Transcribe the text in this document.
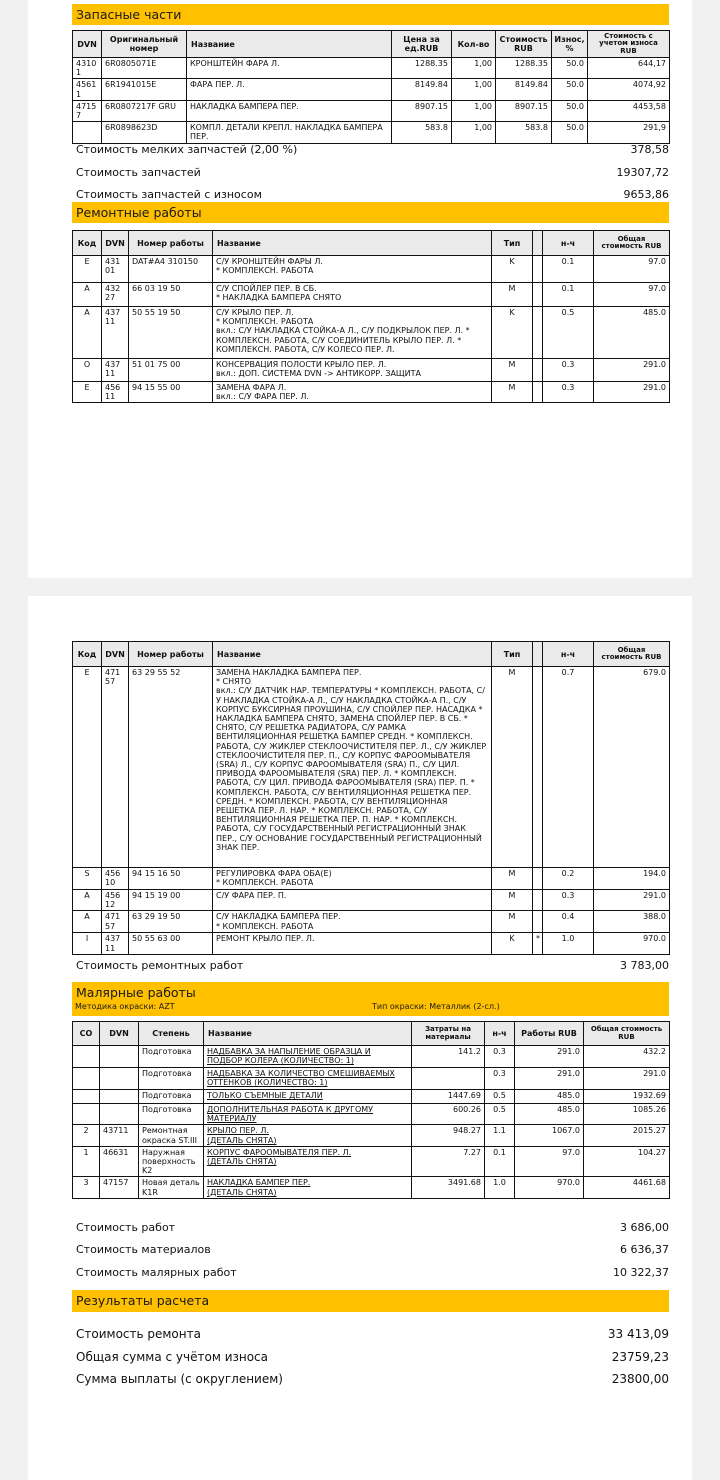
Запасные части
DVN	Оригинальный номер	Название	Цена за ед.RUB	Кол-во	Стоимость RUB	Износ, %	Стоимость с учетом износа RUB
43101	6R0805071E	КРОНШТЕЙН ФАРА Л.	1288.35	1,00	1288.35	50.0	644,17
45611	6R1941015E	ФАРА ПЕР. Л.	8149.84	1,00	8149.84	50.0	4074,92
47157	6R0807217F GRU	НАКЛАДКА БАМПЕРА ПЕР.	8907.15	1,00	8907.15	50.0	4453,58
	6R0898623D	КОМПЛ. ДЕТАЛИ КРЕПЛ. НАКЛАДКА БАМПЕРА ПЕР.	583.8	1,00	583.8	50.0	291,9
Стоимость мелких запчастей (2,00 %)	378,58
Стоимость запчастей	19307,72
Стоимость запчастей с износом	9653,86
Ремонтные работы
Код	DVN	Номер работы	Название	Тип		н-ч	Общая стоимость RUB
E	43101	DAT#A4 310150	С/У КРОНШТЕЙН ФАРЫ Л.
* КОМПЛЕКСН. РАБОТА	K		0.1	97.0
A	43227	66 03 19 50	С/У СПОЙЛЕР ПЕР. В СБ.
* НАКЛАДКА БАМПЕРА СНЯТО	M		0.1	97.0
A	43711	50 55 19 50	С/У КРЫЛО ПЕР. Л.
* КОМПЛЕКСН. РАБОТА
вкл.: С/У НАКЛАДКА СТОЙКА-А Л., С/У ПОДКРЫЛОК ПЕР. Л. * КОМПЛЕКСН. РАБОТА, С/У СОЕДИНИТЕЛЬ КРЫЛО ПЕР. Л. * КОМПЛЕКСН. РАБОТА, С/У КОЛЕСО ПЕР. Л.	K		0.5	485.0
O	43711	51 01 75 00	КОНСЕРВАЦИЯ ПОЛОСТИ КРЫЛО ПЕР. Л.
вкл.: ДОП. СИСТЕМА DVN -> АНТИКОРР. ЗАЩИТА	M		0.3	291.0
E	45611	94 15 55 00	ЗАМЕНА ФАРА Л.
вкл.: С/У ФАРА ПЕР. Л.	M		0.3	291.0
Код	DVN	Номер работы	Название	Тип		н-ч	Общая стоимость RUB
E	47157	63 29 55 52	ЗАМЕНА НАКЛАДКА БАМПЕРА ПЕР.
* СНЯТО
вкл.: С/У ДАТЧИК НАР. ТЕМПЕРАТУРЫ * КОМПЛЕКСН. РАБОТА, С/У НАКЛАДКА СТОЙКА-А Л., С/У НАКЛАДКА СТОЙКА-А П., С/У КОРПУС БУКСИРНАЯ ПРОУШИНА, С/У СПОЙЛЕР ПЕР. НАСАДКА * НАКЛАДКА БАМПЕРА СНЯТО, ЗАМЕНА СПОЙЛЕР ПЕР. В СБ. * СНЯТО, С/У РЕШЕТКА РАДИАТОРА, С/У РАМКА ВЕНТИЛЯЦИОННАЯ РЕШЕТКА БАМПЕР СРЕДН. * КОМПЛЕКСН. РАБОТА, С/У ЖИКЛЕР СТЕКЛООЧИСТИТЕЛЯ ПЕР. Л., С/У ЖИКЛЕР СТЕКЛООЧИСТИТЕЛЯ ПЕР. П., С/У КОРПУС ФАРООМЫВАТЕЛЯ (SRA) Л., С/У КОРПУС ФАРООМЫВАТЕЛЯ (SRA) П., С/У ЦИЛ. ПРИВОДА ФАРООМЫВАТЕЛЯ (SRA) ПЕР. Л. * КОМПЛЕКСН. РАБОТА, С/У ЦИЛ. ПРИВОДА ФАРООМЫВАТЕЛЯ (SRA) ПЕР. П. * КОМПЛЕКСН. РАБОТА, С/У ВЕНТИЛЯЦИОННАЯ РЕШЕТКА ПЕР. СРЕДН. * КОМПЛЕКСН. РАБОТА, С/У ВЕНТИЛЯЦИОННАЯ РЕШЕТКА ПЕР. Л. НАР. * КОМПЛЕКСН. РАБОТА, С/У ВЕНТИЛЯЦИОННАЯ РЕШЕТКА ПЕР. П. НАР. * КОМПЛЕКСН. РАБОТА, С/У ГОСУДАРСТВЕННЫЙ РЕГИСТРАЦИОННЫЙ ЗНАК ПЕР., С/У ОСНОВАНИЕ ГОСУДАРСТВЕННЫЙ РЕГИСТРАЦИОННЫЙ ЗНАК ПЕР.	M		0.7	679.0
S	45610	94 15 16 50	РЕГУЛИРОВКА ФАРА ОБА(Е)
* КОМПЛЕКСН. РАБОТА	M		0.2	194.0
A	45612	94 15 19 00	С/У ФАРА ПЕР. П.	M		0.3	291.0
A	47157	63 29 19 50	С/У НАКЛАДКА БАМПЕРА ПЕР.
* КОМПЛЕКСН. РАБОТА	M		0.4	388.0
I	43711	50 55 63 00	РЕМОНТ КРЫЛО ПЕР. Л.	K	*	1.0	970.0
Стоимость ремонтных работ	3 783,00
Малярные работы
Методика окраски: AZT	Тип окраски: Металлик (2-сл.)
CO	DVN	Степень	Название	Затраты на материалы	н-ч	Работы RUB	Общая стоимость RUB
		Подготовка	НАДБАВКА ЗА НАПЫЛЕНИЕ ОБРАЗЦА И ПОДБОР КОЛЕРА (КОЛИЧЕСТВО: 1)	141.2	0.3	291.0	432.2
		Подготовка	НАДБАВКА ЗА КОЛИЧЕСТВО СМЕШИВАЕМЫХ ОТТЕНКОВ (КОЛИЧЕСТВО: 1)		0.3	291.0	291.0
		Подготовка	ТОЛЬКО СЪЕМНЫЕ ДЕТАЛИ	1447.69	0.5	485.0	1932.69
		Подготовка	ДОПОЛНИТЕЛЬНАЯ РАБОТА К ДРУГОМУ МАТЕРИАЛУ	600.26	0.5	485.0	1085.26
2	43711	Ремонтная окраска ST.III	КРЫЛО ПЕР. Л.
(ДЕТАЛЬ СНЯТА)	948.27	1.1	1067.0	2015.27
1	46631	Наружная поверхность K2	КОРПУС ФАРООМЫВАТЕЛЯ ПЕР. Л.
(ДЕТАЛЬ СНЯТА)	7.27	0.1	97.0	104.27
3	47157	Новая деталь K1R	НАКЛАДКА БАМПЕР ПЕР.
(ДЕТАЛЬ СНЯТА)	3491.68	1.0	970.0	4461.68
Стоимость работ	3 686,00
Стоимость материалов	6 636,37
Стоимость малярных работ	10 322,37
Результаты расчета
Стоимость ремонта	33 413,09
Общая сумма с учётом износа	23759,23
Сумма выплаты (с округлением)	23800,00
